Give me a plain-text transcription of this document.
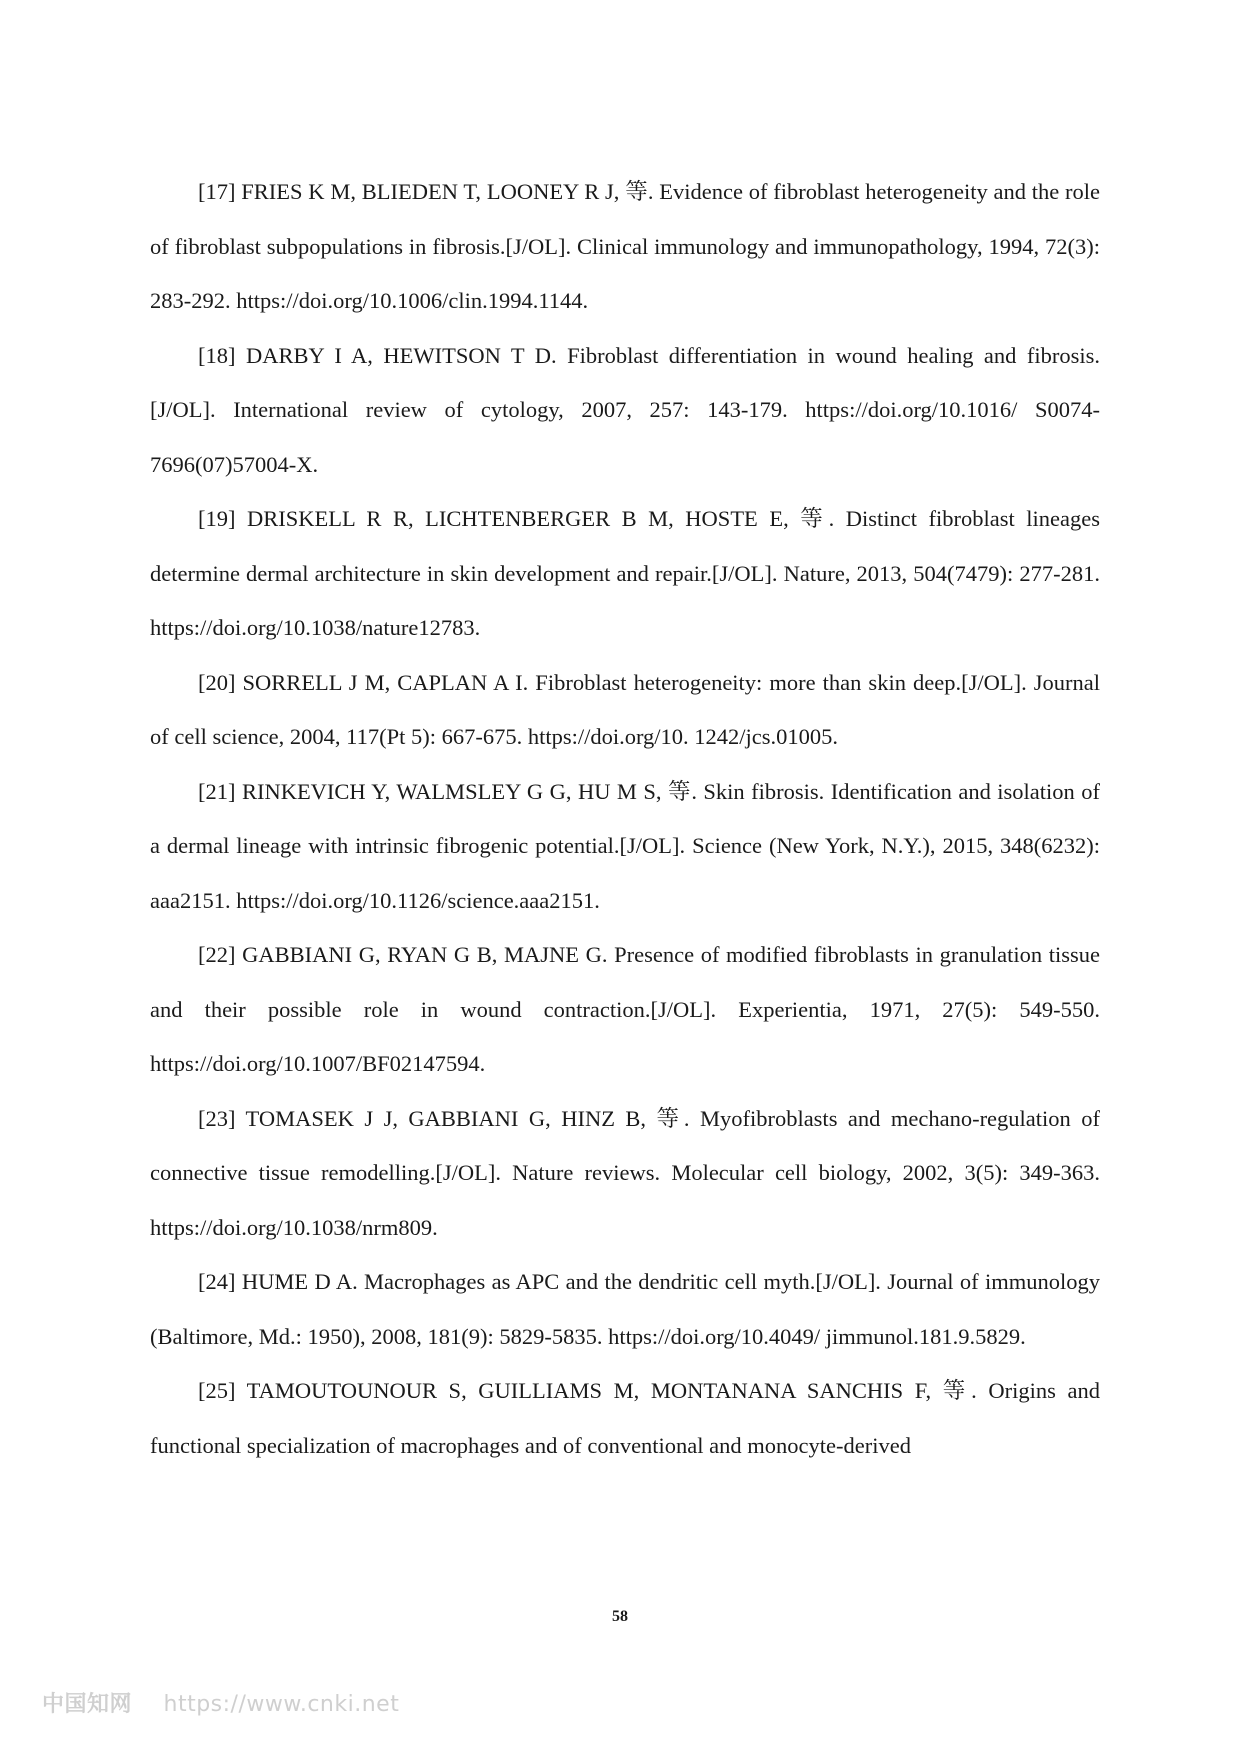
[17] FRIES K M, BLIEDEN T, LOONEY R J, 等. Evidence of fibroblast heterogeneity and the role of fibroblast subpopulations in fibrosis.[J/OL]. Clinical immunology and immunopathology, 1994, 72(3): 283-292. https://doi.org/10.1006/clin.1994.1144.

[18] DARBY I A, HEWITSON T D. Fibroblast differentiation in wound healing and fibrosis.[J/OL]. International review of cytology, 2007, 257: 143-179. https://doi.org/10.1016/ S0074-7696(07)57004-X.

[19] DRISKELL R R, LICHTENBERGER B M, HOSTE E, 等. Distinct fibroblast lineages determine dermal architecture in skin development and repair.[J/OL]. Nature, 2013, 504(7479): 277-281. https://doi.org/10.1038/nature12783.

[20] SORRELL J M, CAPLAN A I. Fibroblast heterogeneity: more than skin deep.[J/OL]. Journal of cell science, 2004, 117(Pt 5): 667-675. https://doi.org/10. 1242/jcs.01005.

[21] RINKEVICH Y, WALMSLEY G G, HU M S, 等. Skin fibrosis. Identification and isolation of a dermal lineage with intrinsic fibrogenic potential.[J/OL]. Science (New York, N.Y.), 2015, 348(6232): aaa2151. https://doi.org/10.1126/science.aaa2151.

[22] GABBIANI G, RYAN G B, MAJNE G. Presence of modified fibroblasts in granulation tissue and their possible role in wound contraction.[J/OL]. Experientia, 1971, 27(5): 549-550. https://doi.org/10.1007/BF02147594.

[23] TOMASEK J J, GABBIANI G, HINZ B, 等. Myofibroblasts and mechano-regulation of connective tissue remodelling.[J/OL]. Nature reviews. Molecular cell biology, 2002, 3(5): 349-363. https://doi.org/10.1038/nrm809.

[24] HUME D A. Macrophages as APC and the dendritic cell myth.[J/OL]. Journal of immunology (Baltimore, Md.: 1950), 2008, 181(9): 5829-5835. https://doi.org/10.4049/ jimmunol.181.9.5829.

[25] TAMOUTOUNOUR S, GUILLIAMS M, MONTANANA SANCHIS F, 等. Origins and functional specialization of macrophages and of conventional and monocyte-derived

58
中国知网 https://www.cnki.net
